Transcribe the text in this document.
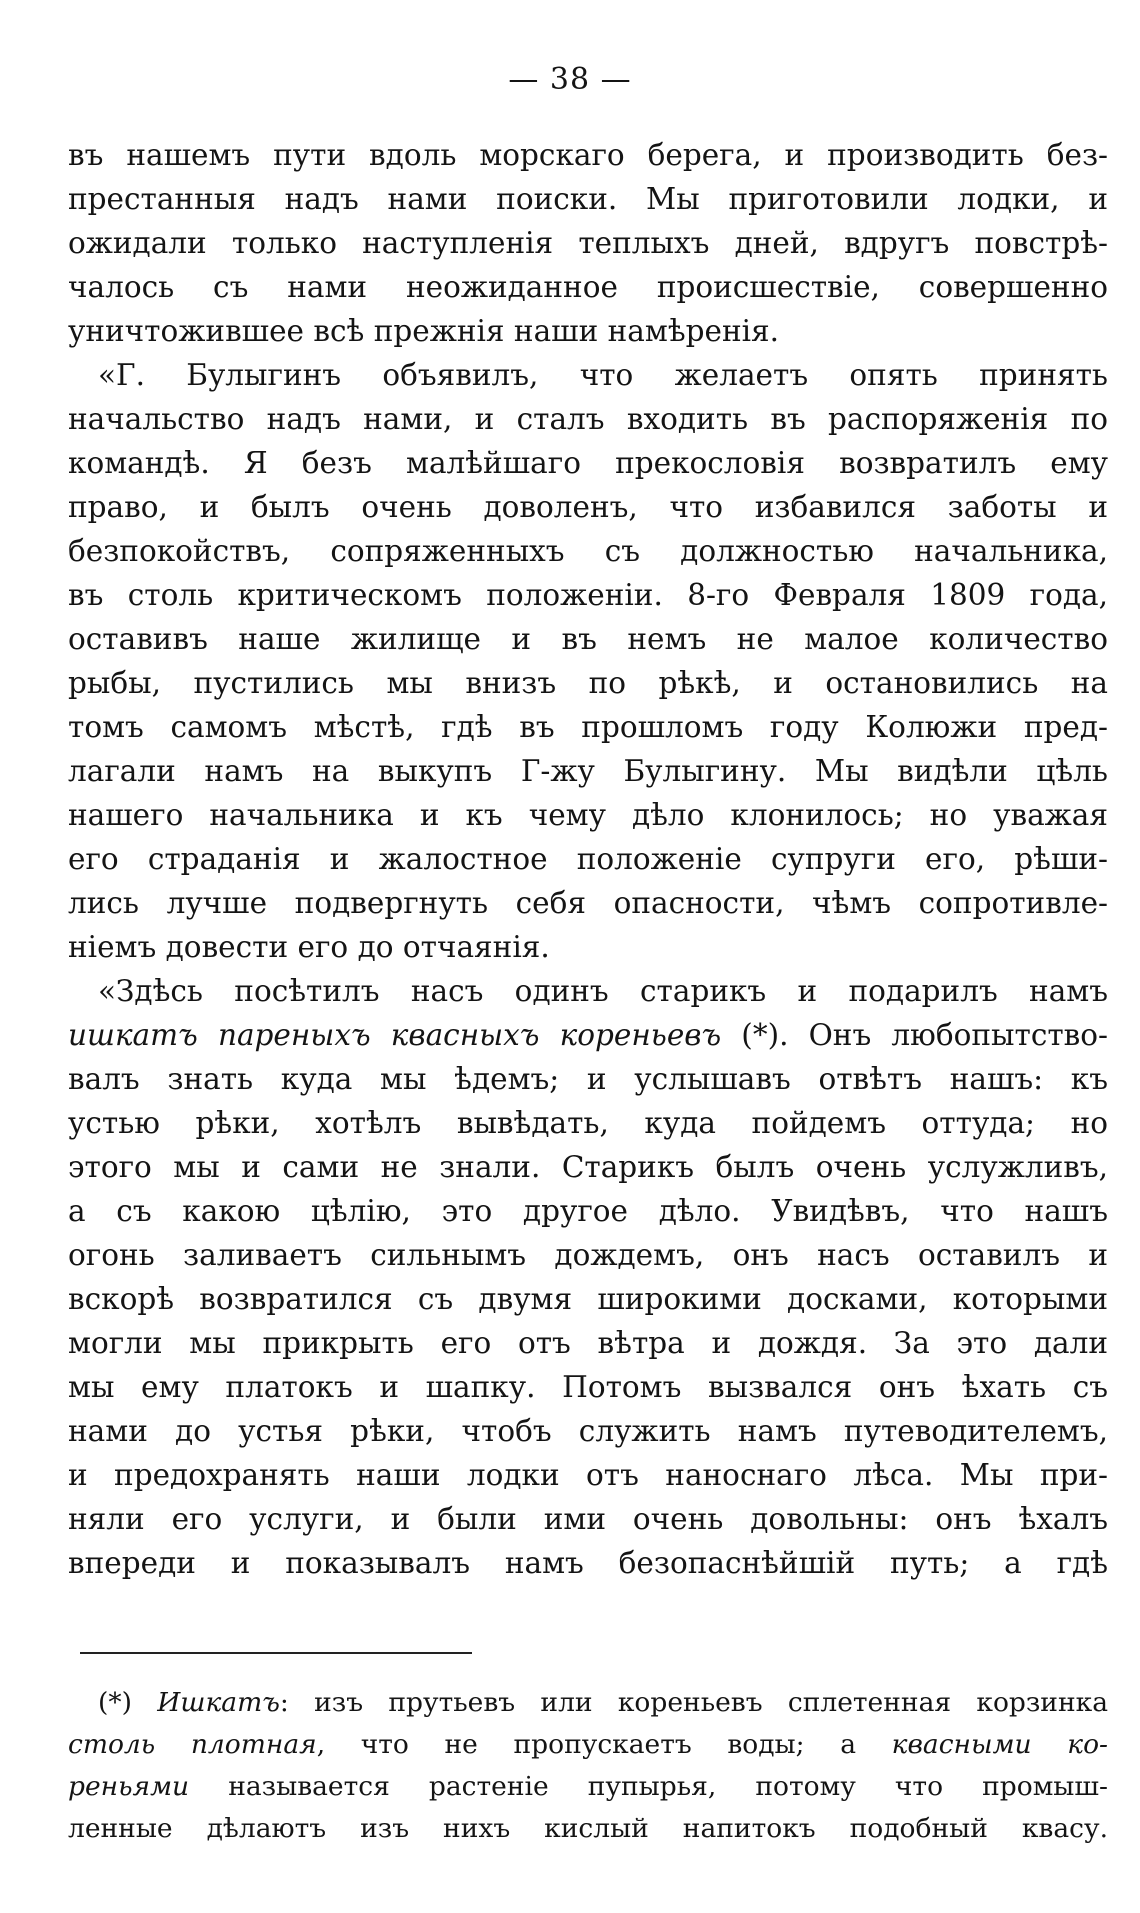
— 38 —
въ нашемъ пути вдоль морскаго берега, и производить без-
престанныя надъ нами поиски. Мы приготовили лодки, и
ожидали только наступленія теплыхъ дней, вдругъ повстрѣ-
чалось съ нами неожиданное происшествіе, совершенно
уничтожившее всѣ прежнія наши намѣренія.
«Г. Булыгинъ объявилъ, что желаетъ опять принять
начальство надъ нами, и сталъ входить въ распоряженія по
командѣ. Я безъ малѣйшаго прекословія возвратилъ ему
право, и былъ очень доволенъ, что избавился заботы и
безпокойствъ, сопряженныхъ съ должностью начальника,
въ столь критическомъ положеніи. 8-го Февраля 1809 года,
оставивъ наше жилище и въ немъ не малое количество
рыбы, пустились мы внизъ по рѣкѣ, и остановились на
томъ самомъ мѣстѣ, гдѣ въ прошломъ году Колюжи пред-
лагали намъ на выкупъ Г-жу Булыгину. Мы видѣли цѣль
нашего начальника и къ чему дѣло клонилось; но уважая
его страданія и жалостное положеніе супруги его, рѣши-
лись лучше подвергнуть себя опасности, чѣмъ сопротивле-
ніемъ довести его до отчаянія.
«Здѣсь посѣтилъ насъ одинъ старикъ и подарилъ намъ
ишкатъ пареныхъ квасныхъ кореньевъ (*). Онъ любопытство-
валъ знать куда мы ѣдемъ; и услышавъ отвѣтъ нашъ: къ
устью рѣки, хотѣлъ вывѣдать, куда пойдемъ оттуда; но
этого мы и сами не знали. Старикъ былъ очень услужливъ,
а съ какою цѣлію, это другое дѣло. Увидѣвъ, что нашъ
огонь заливаетъ сильнымъ дождемъ, онъ насъ оставилъ и
вскорѣ возвратился съ двумя широкими досками, которыми
могли мы прикрыть его отъ вѣтра и дождя. За это дали
мы ему платокъ и шапку. Потомъ вызвался онъ ѣхать съ
нами до устья рѣки, чтобъ служить намъ путеводителемъ,
и предохранять наши лодки отъ наноснаго лѣса. Мы при-
няли его услуги, и были ими очень довольны: онъ ѣхалъ
впереди и показывалъ намъ безопаснѣйшій путь; а гдѣ
(*) Ишкатъ: изъ прутьевъ или кореньевъ сплетенная корзинка
столь плотная, что не пропускаетъ воды; а квасными ко-
реньями называется растеніе пупырья, потому что промыш-
ленные дѣлаютъ изъ нихъ кислый напитокъ подобный квасу.
